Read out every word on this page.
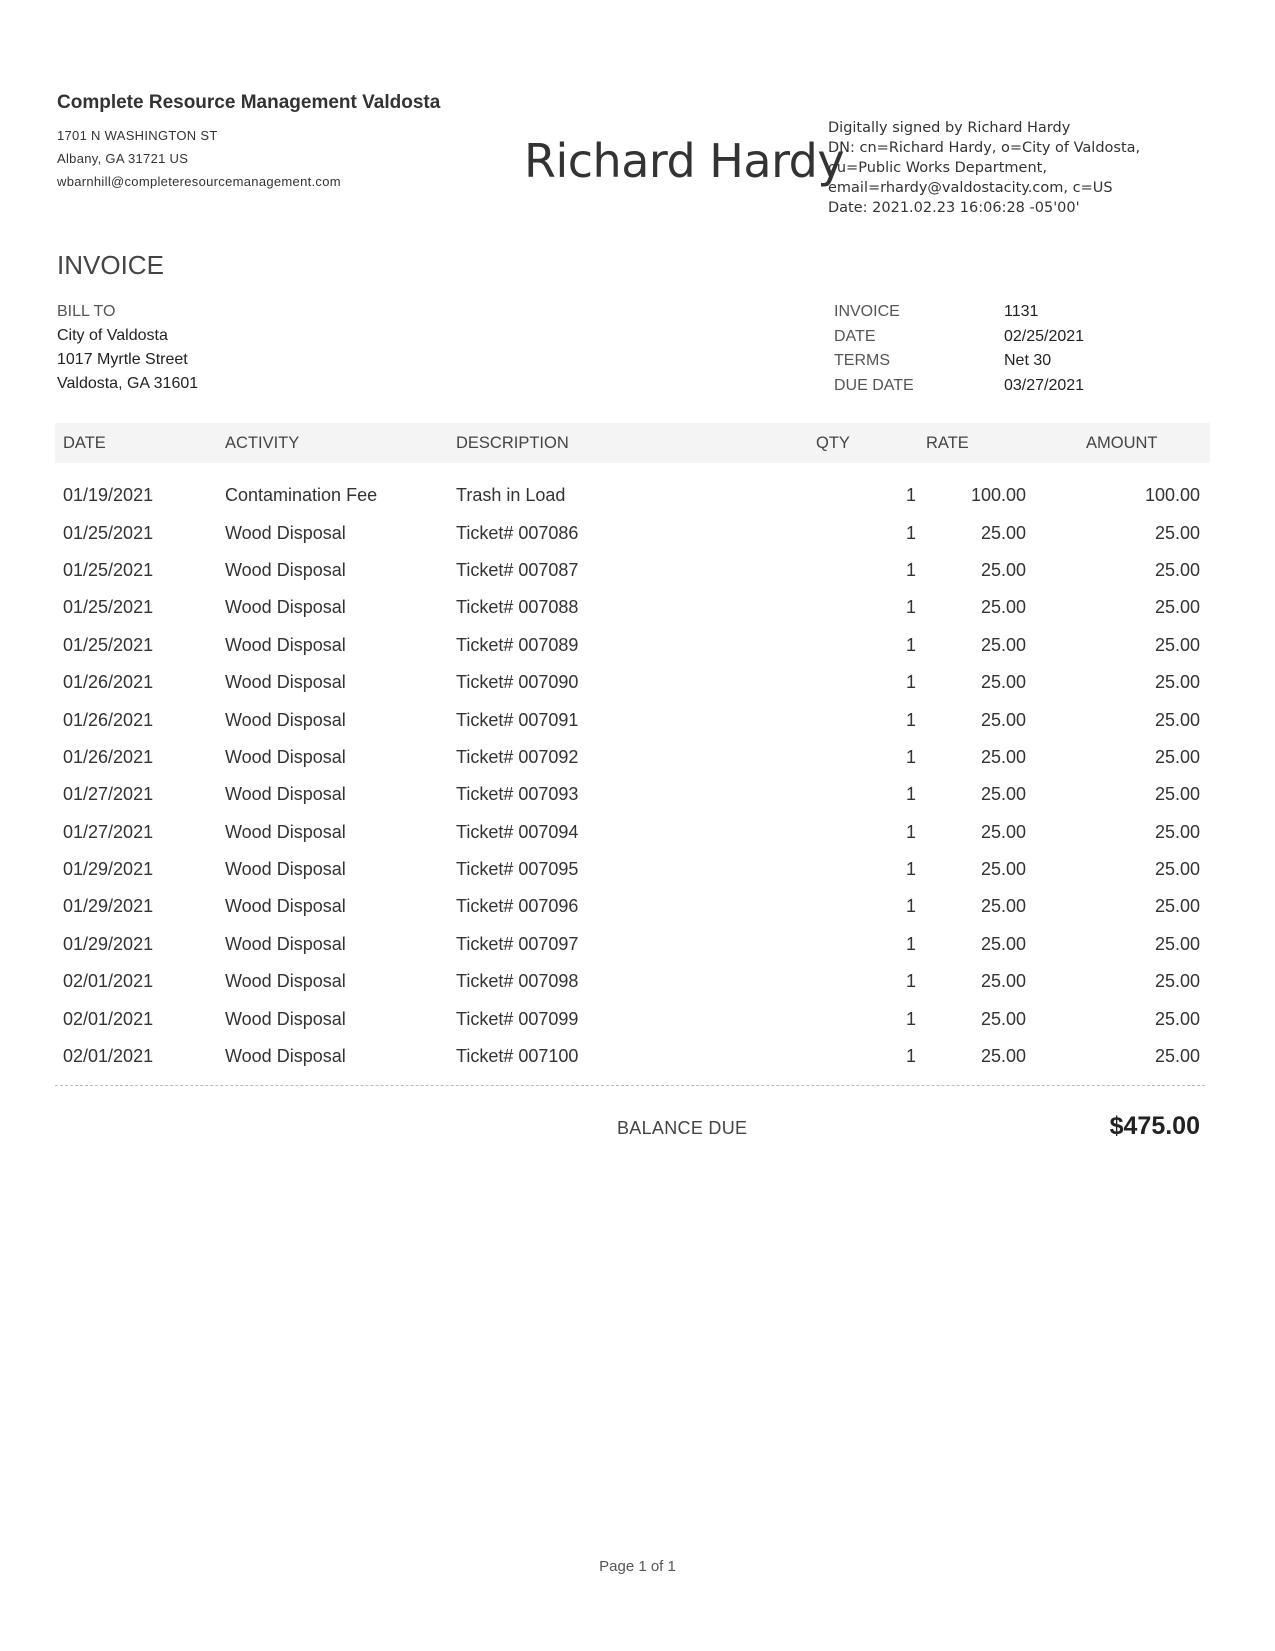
Complete Resource Management Valdosta
1701 N WASHINGTON ST
Albany, GA 31721 US
wbarnhill@completeresourcemanagement.com	Richard Hardy
Digitally signed by Richard Hardy
DN: cn=Richard Hardy, o=City of Valdosta,
ou=Public Works Department,
email=rhardy@valdostacity.com, c=US
Date: 2021.02.23 16:06:28 -05'00'
INVOICE
BILL TO
City of Valdosta
1017 Myrtle Street
Valdosta, GA 31601
INVOICE	1131
DATE	02/25/2021
TERMS	Net 30
DUE DATE	03/27/2021
DATE	ACTIVITY	DESCRIPTION	QTY	RATE	AMOUNT
01/19/2021	Contamination Fee	Trash in Load	1	100.00	100.00
01/25/2021	Wood Disposal	Ticket# 007086	1	25.00	25.00
01/25/2021	Wood Disposal	Ticket# 007087	1	25.00	25.00
01/25/2021	Wood Disposal	Ticket# 007088	1	25.00	25.00
01/25/2021	Wood Disposal	Ticket# 007089	1	25.00	25.00
01/26/2021	Wood Disposal	Ticket# 007090	1	25.00	25.00
01/26/2021	Wood Disposal	Ticket# 007091	1	25.00	25.00
01/26/2021	Wood Disposal	Ticket# 007092	1	25.00	25.00
01/27/2021	Wood Disposal	Ticket# 007093	1	25.00	25.00
01/27/2021	Wood Disposal	Ticket# 007094	1	25.00	25.00
01/29/2021	Wood Disposal	Ticket# 007095	1	25.00	25.00
01/29/2021	Wood Disposal	Ticket# 007096	1	25.00	25.00
01/29/2021	Wood Disposal	Ticket# 007097	1	25.00	25.00
02/01/2021	Wood Disposal	Ticket# 007098	1	25.00	25.00
02/01/2021	Wood Disposal	Ticket# 007099	1	25.00	25.00
02/01/2021	Wood Disposal	Ticket# 007100	1	25.00	25.00
BALANCE DUE	$475.00
Page 1 of 1
